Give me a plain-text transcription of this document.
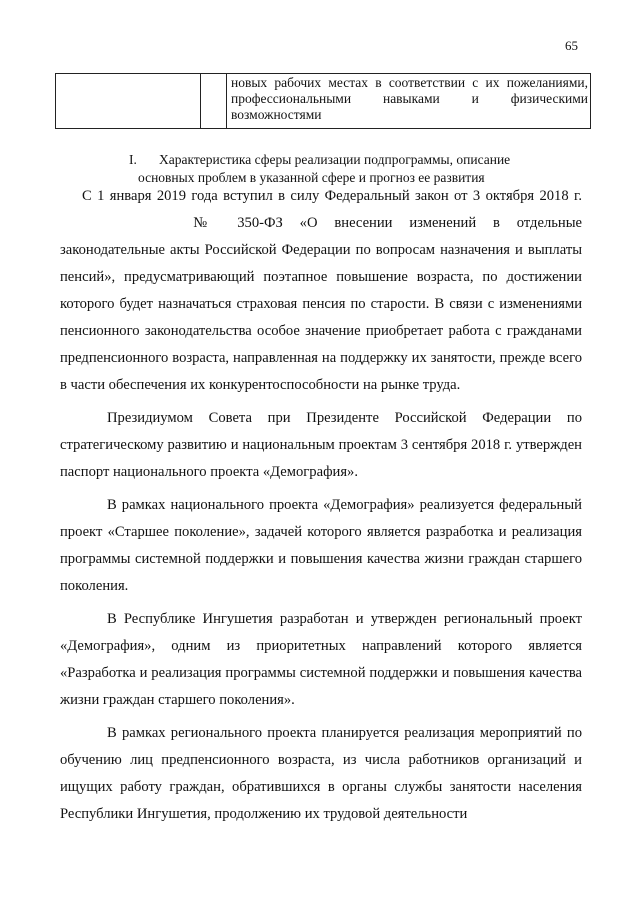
65
		новых рабочих местах в соответствии с их пожеланиями, профессиональными навыками и физическими возможностями
I. Характеристика сферы реализации подпрограммы, описание
основных проблем в указанной сфере и прогноз ее развития

С 1 января 2019 года вступил в силу Федеральный закон от 3 октября 2018 г.№ 350-ФЗ «О внесении изменений в отдельные законодательные акты Российской Федерации по вопросам назначения и выплаты пенсий», предусматривающий поэтапное повышение возраста, по достижении которого будет назначаться страховая пенсия по старости. В связи с изменениями пенсионного законодательства особое значение приобретает работа с гражданами предпенсионного возраста, направленная на поддержку их занятости, прежде всего в части обеспечения их конкурентоспособности на рынке труда.

Президиумом Совета при Президенте Российской Федерации по стратегическому развитию и национальным проектам 3 сентября 2018 г. утвержден паспорт национального проекта «Демография».

В рамках национального проекта «Демография» реализуется федеральный проект «Старшее поколение», задачей которого является разработка и реализация программы системной поддержки и повышения качества жизни граждан старшего поколения.

В Республике Ингушетия разработан и утвержден региональный проект «Демография», одним из приоритетных направлений которого является «Разработка и реализация программы системной поддержки и повышения качества жизни граждан старшего поколения».

В рамках регионального проекта планируется реализация мероприятий по обучению лиц предпенсионного возраста, из числа работников организаций и ищущих работу граждан, обратившихся в органы службы занятости населения Республики Ингушетия, продолжению их трудовой деятельности
